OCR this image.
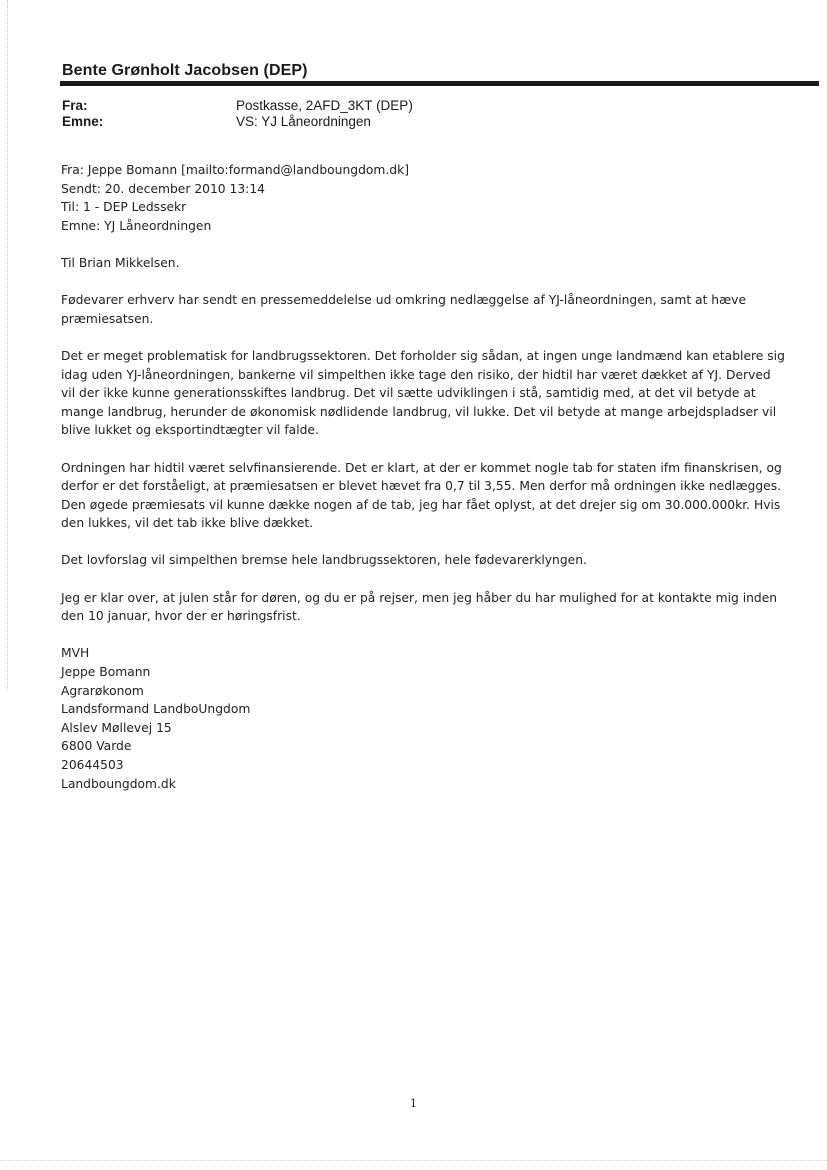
Bente Grønholt Jacobsen (DEP)
Fra:	Postkasse, 2AFD_3KT (DEP)
Emne:	VS: YJ Låneordningen

Fra: Jeppe Bomann [mailto:formand@landboungdom.dk]
Sendt: 20. december 2010 13:14
Til: 1 - DEP Ledssekr
Emne: YJ Låneordningen

Til Brian Mikkelsen.

Fødevarer erhverv har sendt en pressemeddelelse ud omkring nedlæggelse af YJ-låneordningen, samt at hæve
præmiesatsen.

Det er meget problematisk for landbrugssektoren. Det forholder sig sådan, at ingen unge landmænd kan etablere sig
idag uden YJ-låneordningen, bankerne vil simpelthen ikke tage den risiko, der hidtil har været dækket af YJ. Derved
vil der ikke kunne generationsskiftes landbrug. Det vil sætte udviklingen i stå, samtidig med, at det vil betyde at
mange landbrug, herunder de økonomisk nødlidende landbrug, vil lukke. Det vil betyde at mange arbejdspladser vil
blive lukket og eksportindtægter vil falde.

Ordningen har hidtil været selvfinansierende. Det er klart, at der er kommet nogle tab for staten ifm finanskrisen, og
derfor er det forståeligt, at præmiesatsen er blevet hævet fra 0,7 til 3,55. Men derfor må ordningen ikke nedlægges.
Den øgede præmiesats vil kunne dække nogen af de tab, jeg har fået oplyst, at det drejer sig om 30.000.000kr. Hvis
den lukkes, vil det tab ikke blive dækket.

Det lovforslag vil simpelthen bremse hele landbrugssektoren, hele fødevarerklyngen.

Jeg er klar over, at julen står for døren, og du er på rejser, men jeg håber du har mulighed for at kontakte mig inden
den 10 januar, hvor der er høringsfrist.

MVH
Jeppe Bomann
Agrarøkonom
Landsformand LandboUngdom
Alslev Møllevej 15
6800 Varde
20644503
Landboungdom.dk

1
